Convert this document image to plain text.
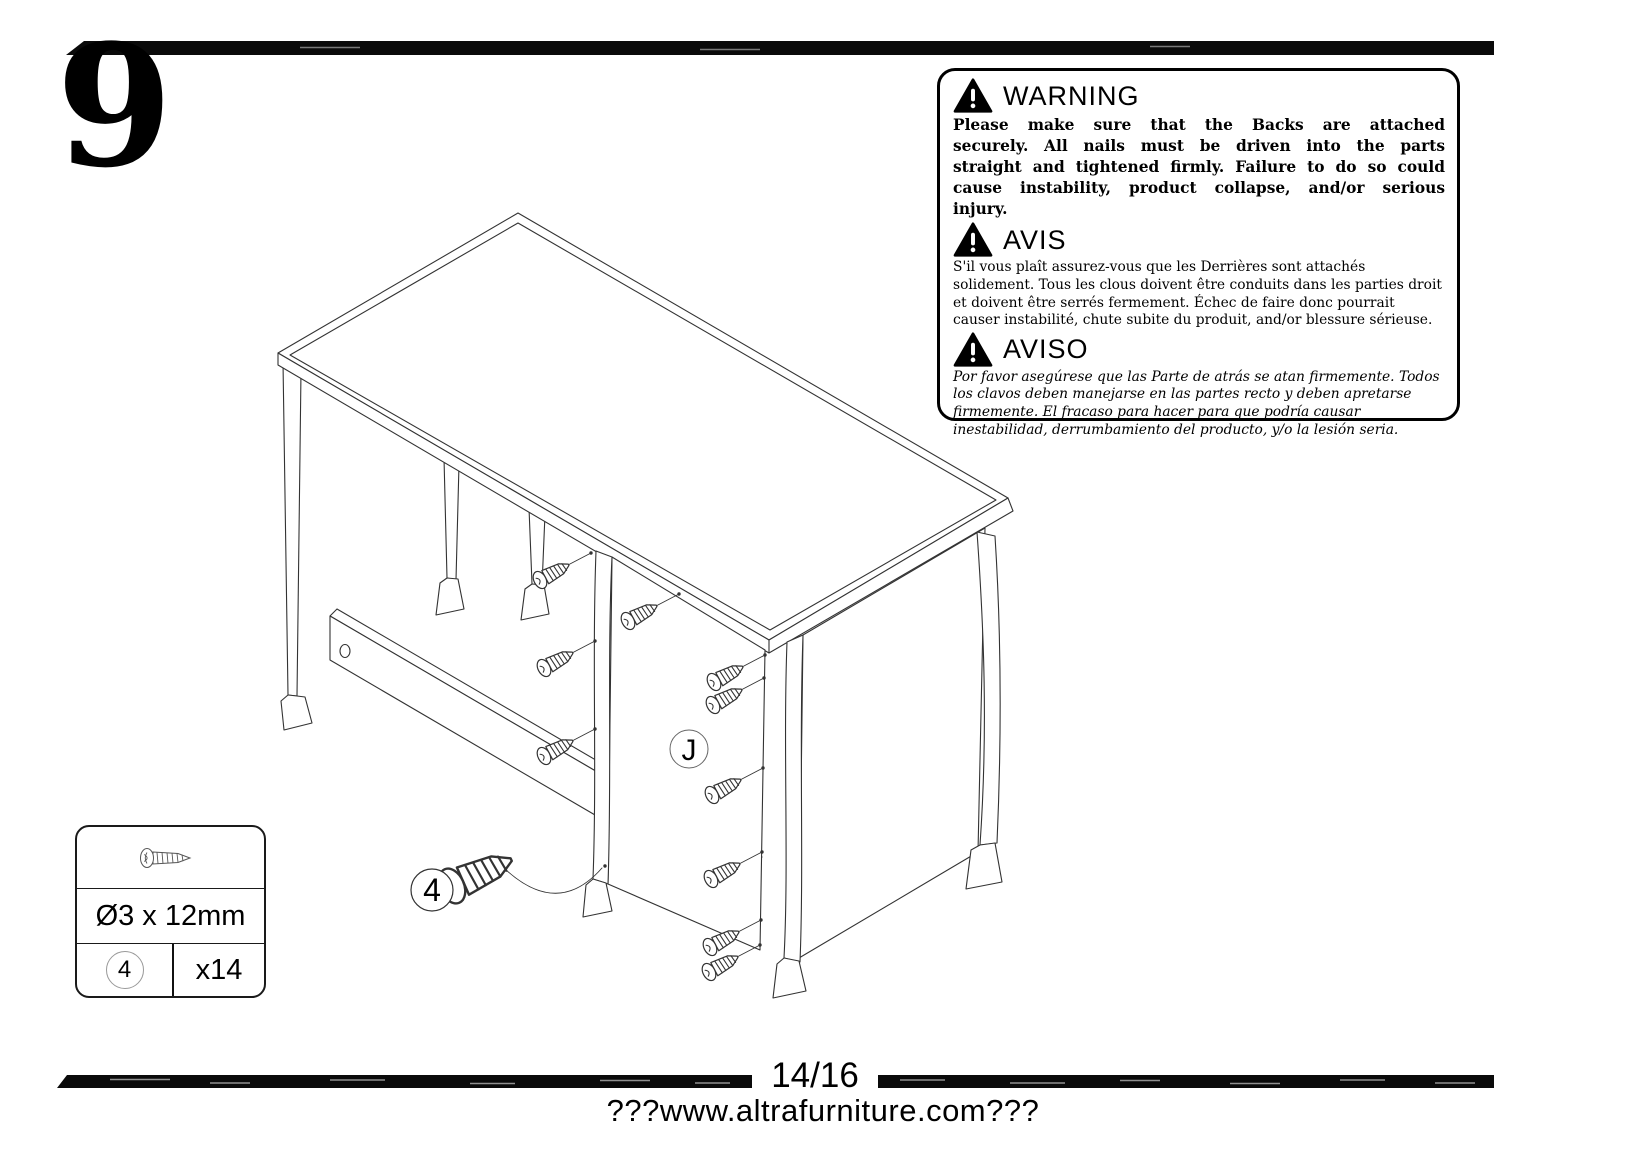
J
4
9	WARNING

Please make sure that the Backs are attached securely. All nails must be driven into the parts straight and tightened firmly. Failure to do so could cause instability, product collapse, and/or serious injury.

AVIS

S'il vous plaît assurez-vous que les Derrières sont attachés solidement. Tous les clous doivent être conduits dans les parties droit et doivent être serrés fermement. Échec de faire donc pourrait causer instabilité, chute subite du produit, and/or blessure sérieuse.

AVISO

Por favor asegúrese que las Parte de atrás se atan firmemente. Todos los clavos deben manejarse en las partes recto y deben apretarse firmemente. El fracaso para hacer para que podría causar inestabilidad, derrumbamiento del producto, y/o la lesión seria.

Ø3 x 12mm
4	x14
14/16
???www.altrafurniture.com???
